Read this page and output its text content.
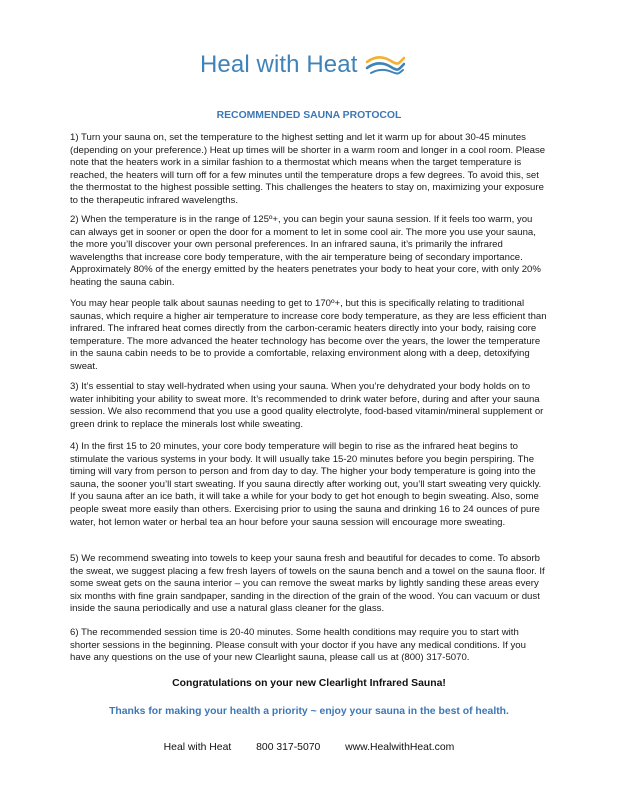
Heal with Heat
RECOMMENDED SAUNA PROTOCOL

1) Turn your sauna on, set the temperature to the highest setting and let it warm up for about 30-45 minutes (depending on your preference.) Heat up times will be shorter in a warm room and longer in a cool room. Please note that the heaters work in a similar fashion to a thermostat which means when the target temperature is reached, the heaters will turn off for a few minutes until the temperature drops a few degrees. To avoid this, set the thermostat to the highest possible setting. This challenges the heaters to stay on, maximizing your exposure to the therapeutic infrared wavelengths.

2) When the temperature is in the range of 125º+, you can begin your sauna session. If it feels too warm, you can always get in sooner or open the door for a moment to let in some cool air. The more you use your sauna, the more you’ll discover your own personal preferences. In an infrared sauna, it’s primarily the infrared wavelengths that increase core body temperature, with the air temperature being of secondary importance. Approximately 80% of the energy emitted by the heaters penetrates your body to heat your core, with only 20% heating the sauna cabin.

You may hear people talk about saunas needing to get to 170º+, but this is specifically relating to traditional saunas, which require a higher air temperature to increase core body temperature, as they are less efficient than infrared. The infrared heat comes directly from the carbon-ceramic heaters directly into your body, raising core temperature. The more advanced the heater technology has become over the years, the lower the temperature in the sauna cabin needs to be to provide a comfortable, relaxing environment along with a deep, detoxifying sweat.

3) It’s essential to stay well-hydrated when using your sauna. When you’re dehydrated your body holds on to water inhibiting your ability to sweat more. It’s recommended to drink water before, during and after your sauna session. We also recommend that you use a good quality electrolyte, food-based vitamin/mineral supplement or green drink to replace the minerals lost while sweating.

4) In the first 15 to 20 minutes, your core body temperature will begin to rise as the infrared heat begins to stimulate the various systems in your body. It will usually take 15-20 minutes before you begin perspiring. The timing will vary from person to person and from day to day. The higher your body temperature is going into the sauna, the sooner you’ll start sweating. If you sauna directly after working out, you’ll start sweating very quickly. If you sauna after an ice bath, it will take a while for your body to get hot enough to begin sweating. Also, some people sweat more easily than others. Exercising prior to using the sauna and drinking 16 to 24 ounces of pure water, hot lemon water or herbal tea an hour before your sauna session will encourage more sweating.

5) We recommend sweating into towels to keep your sauna fresh and beautiful for decades to come. To absorb the sweat, we suggest placing a few fresh layers of towels on the sauna bench and a towel on the sauna floor. If some sweat gets on the sauna interior – you can remove the sweat marks by lightly sanding these areas every six months with fine grain sandpaper, sanding in the direction of the grain of the wood. You can vacuum or dust inside the sauna periodically and use a natural glass cleaner for the glass.

6) The recommended session time is 20-40 minutes. Some health conditions may require you to start with shorter sessions in the beginning. Please consult with your doctor if you have any medical conditions. If you have any questions on the use of your new Clearlight sauna, please call us at (800) 317-5070.

Congratulations on your new Clearlight Infrared Sauna!
Thanks for making your health a priority ~ enjoy your sauna in the best of health.
Heal with Heat 800 317-5070 www.HealwithHeat.com
